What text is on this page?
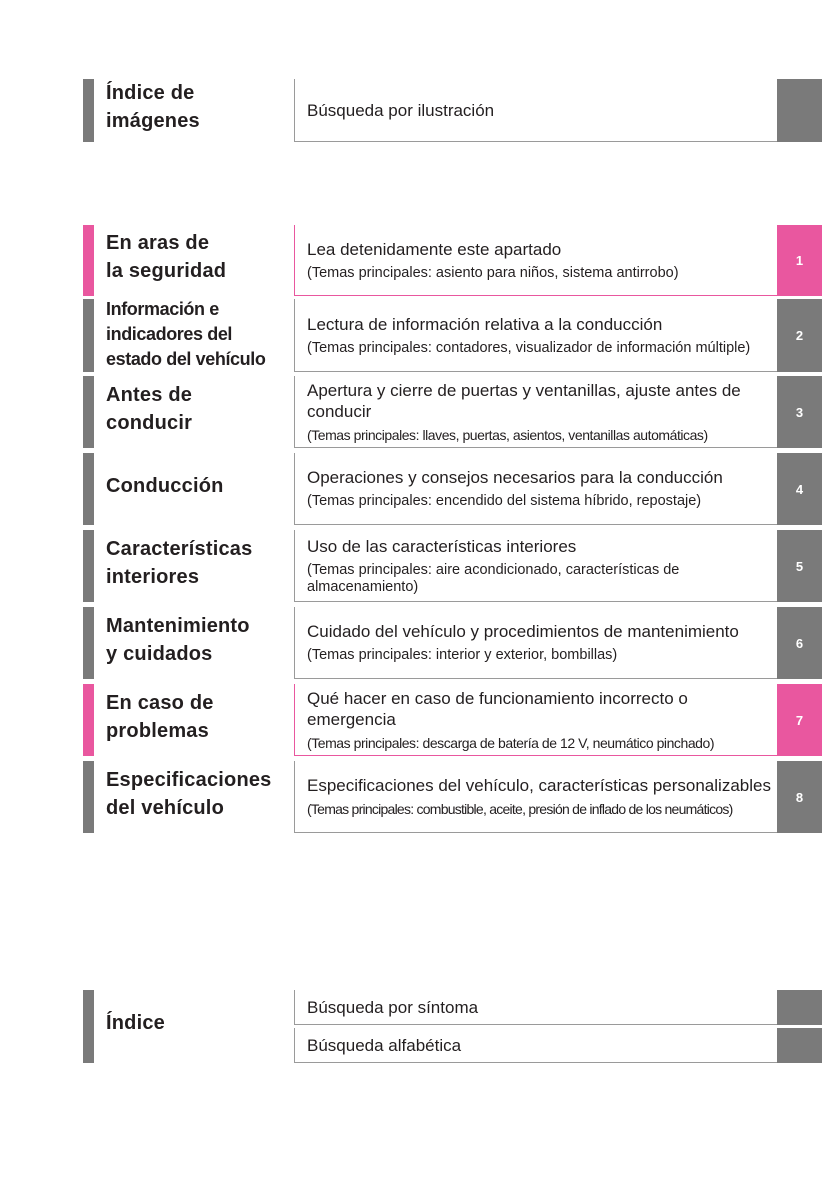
Índice de
imágenes	Búsqueda por ilustración
En aras de
la seguridad
Lea detenidamente este apartado
(Temas principales: asiento para niños, sistema antirrobo)
1
Información e
indicadores del
estado del vehículo
Lectura de información relativa a la conducción
(Temas principales: contadores, visualizador de información múltiple)
2
Antes de
conducir
Apertura y cierre de puertas y ventanillas, ajuste antes de conducir
(Temas principales: llaves, puertas, asientos, ventanillas automáticas)
3
Conducción	Operaciones y consejos necesarios para la conducción
(Temas principales: encendido del sistema híbrido, repostaje)
4
Características
interiores
Uso de las características interiores
(Temas principales: aire acondicionado, características de almacenamiento)
5
Mantenimiento
y cuidados
Cuidado del vehículo y procedimientos de mantenimiento
(Temas principales: interior y exterior, bombillas)
6
En caso de
problemas
Qué hacer en caso de funcionamiento incorrecto o emergencia
(Temas principales: descarga de batería de 12 V, neumático pinchado)
7
Especificaciones
del vehículo
Especificaciones del vehículo, características personalizables
(Temas principales: combustible, aceite, presión de inflado de los neumáticos)
8
Índice
Búsqueda por síntoma
Búsqueda alfabética
